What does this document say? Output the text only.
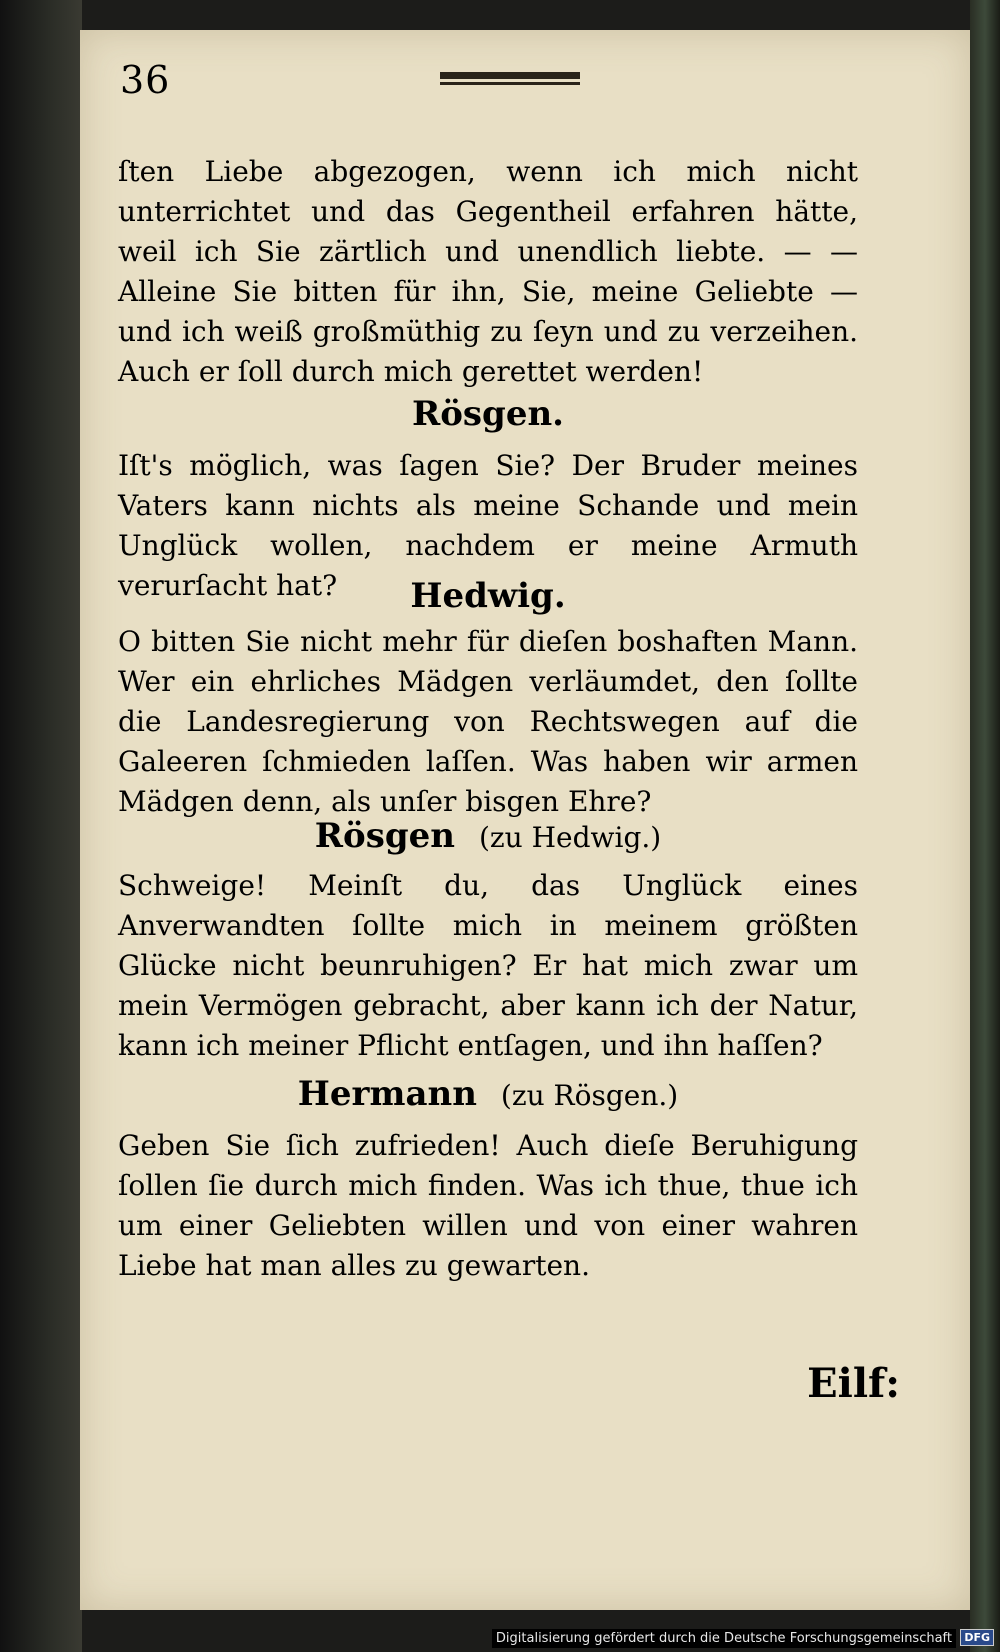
36
ſten Liebe abgezogen, wenn ich mich nicht unterrichtet und das Gegentheil erfahren hätte, weil ich Sie zärtlich und unendlich liebte. — — Alleine Sie bitten für ihn, Sie, meine Geliebte — und ich weiß großmüthig zu ſeyn und zu verzeihen. Auch er ſoll durch mich gerettet werden!
Rösgen.
Iſt's möglich, was ſagen Sie? Der Bruder meines Vaters kann nichts als meine Schande und mein Unglück wollen, nachdem er meine Armuth verurſacht hat?	Hedwig.
O bitten Sie nicht mehr für dieſen boshaften Mann. Wer ein ehrliches Mädgen verläumdet, den ſollte die Landesregierung von Rechtswegen auf die Galeeren ſchmieden laſſen. Was haben wir armen Mädgen denn, als unſer bisgen Ehre?
Rösgen (zu Hedwig.)
Schweige! Meinſt du, das Unglück eines Anverwandten ſollte mich in meinem größten Glücke nicht beunruhigen? Er hat mich zwar um mein Vermögen gebracht, aber kann ich der Natur, kann ich meiner Pflicht entſagen, und ihn haſſen?
Hermann (zu Rösgen.)
Geben Sie ſich zufrieden! Auch dieſe Beruhigung ſollen ſie durch mich finden. Was ich thue, thue ich um einer Geliebten willen und von einer wahren Liebe hat man alles zu gewarten.
Eilf:
Digitalisierung gefördert durch die Deutsche Forschungsgemeinschaft	DFG
